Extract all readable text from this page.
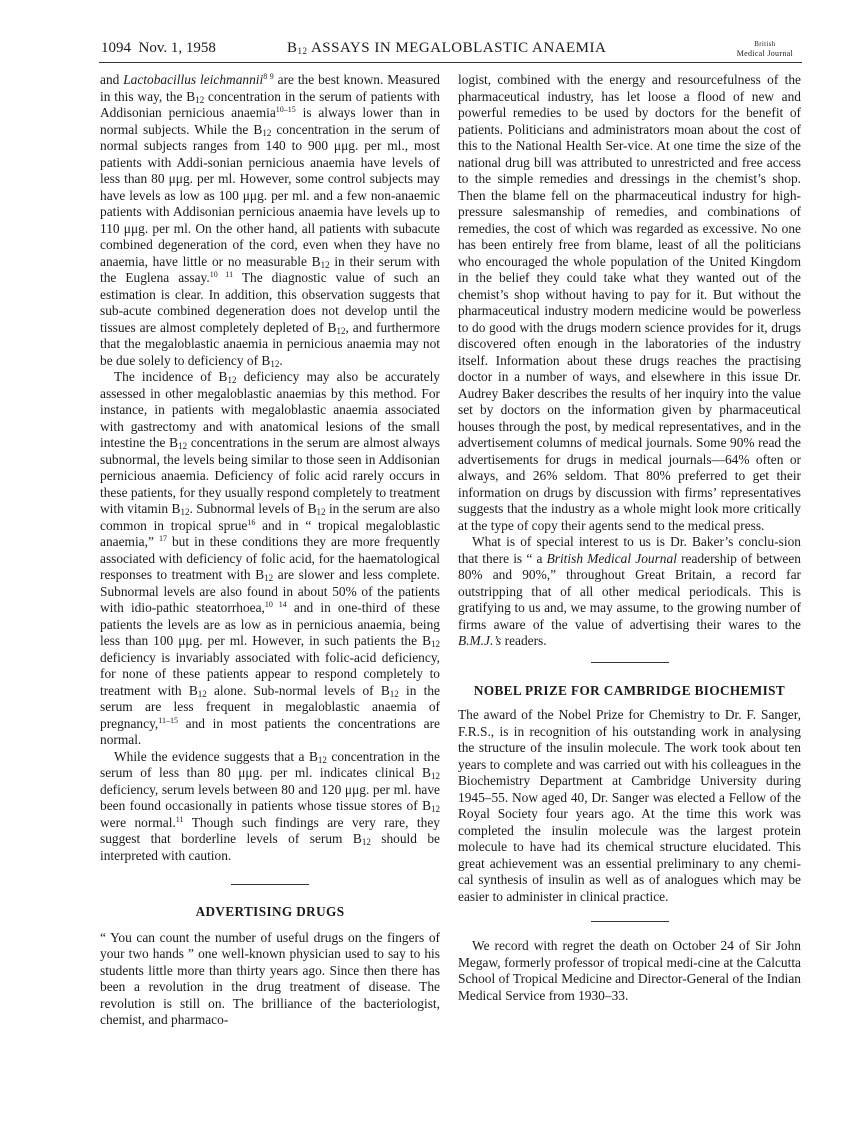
1094 Nov. 1, 1958	$B_{12}$ ASSAYS IN MEGALOBLASTIC ANAEMIA	British
Medical Journal

and Lactobacillus leichmannii$^{8 9}$ are the best known. Measured in this way, the $B_{12}$ concentration in the serum of patients with Addisonian pernicious anaemia$^{10-15}$ is always lower than in normal subjects. While the $B_{12}$ concentration in the serum of normal subjects ranges from 140 to 900 μμg. per ml., most patients with Addi-sonian pernicious anaemia have levels of less than 80 μμg. per ml. However, some control subjects may have levels as low as 100 μμg. per ml. and a few non-anaemic patients with Addisonian pernicious anaemia have levels up to 110 μμg. per ml. On the other hand, all patients with subacute combined degeneration of the cord, even when they have no anaemia, have little or no measurable $B_{12}$ in their serum with the Euglena assay.$^{10 11}$ The diagnostic value of such an estimation is clear. In addition, this observation suggests that sub-acute combined degeneration does not develop until the tissues are almost completely depleted of $B_{12}$, and furthermore that the megaloblastic anaemia in pernicious anaemia may not be due solely to deficiency of $B_{12}$.

The incidence of $B_{12}$ deficiency may also be accurately assessed in other megaloblastic anaemias by this method. For instance, in patients with megaloblastic anaemia associated with gastrectomy and with anatomical lesions of the small intestine the $B_{12}$ concentrations in the serum are almost always subnormal, the levels being similar to those seen in Addisonian pernicious anaemia. Deficiency of folic acid rarely occurs in these patients, for they usually respond completely to treatment with vitamin $B_{12}$. Subnormal levels of $B_{12}$ in the serum are also common in tropical sprue$^{16}$ and in “ tropical megaloblastic anaemia,” $^{17}$ but in these conditions they are more frequently associated with deficiency of folic acid, for the haematological responses to treatment with $B_{12}$ are slower and less complete. Subnormal levels are also found in about 50% of the patients with idio-pathic steatorrhoea,$^{10 14}$ and in one-third of these patients the levels are as low as in pernicious anaemia, being less than 100 μμg. per ml. However, in such patients the $B_{12}$ deficiency is invariably associated with folic-acid deficiency, for none of these patients appear to respond completely to treatment with $B_{12}$ alone. Sub-normal levels of $B_{12}$ in the serum are less frequent in megaloblastic anaemia of pregnancy,$^{11-15}$ and in most patients the concentrations are normal.

While the evidence suggests that a $B_{12}$ concentration in the serum of less than 80 μμg. per ml. indicates clinical $B_{12}$ deficiency, serum levels between 80 and 120 μμg. per ml. have been found occasionally in patients whose tissue stores of $B_{12}$ were normal.$^{11}$ Though such findings are very rare, they suggest that borderline levels of serum $B_{12}$ should be interpreted with caution.

ADVERTISING DRUGS

“ You can count the number of useful drugs on the fingers of your two hands ” one well-known physician used to say to his students little more than thirty years ago. Since then there has been a revolution in the drug treatment of disease. The revolution is still on. The brilliance of the bacteriologist, chemist, and pharmaco-

logist, combined with the energy and resourcefulness of the pharmaceutical industry, has let loose a flood of new and powerful remedies to be used by doctors for the benefit of patients. Politicians and administrators moan about the cost of this to the National Health Ser-vice. At one time the size of the national drug bill was attributed to unrestricted and free access to the simple remedies and dressings in the chemist’s shop. Then the blame fell on the pharmaceutical industry for high-pressure salesmanship of remedies, and combinations of remedies, the cost of which was regarded as excessive. No one has been entirely free from blame, least of all the politicians who encouraged the whole population of the United Kingdom in the belief they could take what they wanted out of the chemist’s shop without having to pay for it. But without the pharmaceutical industry modern medicine would be powerless to do good with the drugs modern science provides for it, drugs discovered often enough in the laboratories of the industry itself. Information about these drugs reaches the practising doctor in a number of ways, and elsewhere in this issue Dr. Audrey Baker describes the results of her inquiry into the value set by doctors on the information given by pharmaceutical houses through the post, by medical representatives, and in the advertisement columns of medical journals. Some 90% read the advertisements for drugs in medical journals—64% often or always, and 26% seldom. That 80% preferred to get their information on drugs by discussion with firms’ representatives suggests that the industry as a whole might look more critically at the type of copy their agents send to the medical press.

What is of special interest to us is Dr. Baker’s conclu-sion that there is “ a British Medical Journal readership of between 80% and 90%,” throughout Great Britain, a record far outstripping that of all other medical periodicals. This is gratifying to us and, we may assume, to the growing number of firms aware of the value of advertising their wares to the B.M.J.’s readers.

NOBEL PRIZE FOR CAMBRIDGE BIOCHEMIST

The award of the Nobel Prize for Chemistry to Dr. F. Sanger, F.R.S., is in recognition of his outstanding work in analysing the structure of the insulin molecule. The work took about ten years to complete and was carried out with his colleagues in the Biochemistry Department at Cambridge University during 1945–55. Now aged 40, Dr. Sanger was elected a Fellow of the Royal Society four years ago. At the time this work was completed the insulin molecule was the largest protein molecule to have had its chemical structure elucidated. This great achievement was an essential preliminary to any chemi-cal synthesis of insulin as well as of analogues which may be easier to administer in clinical practice.

We record with regret the death on October 24 of Sir John Megaw, formerly professor of tropical medi-cine at the Calcutta School of Tropical Medicine and Director-General of the Indian Medical Service from 1930–33.
